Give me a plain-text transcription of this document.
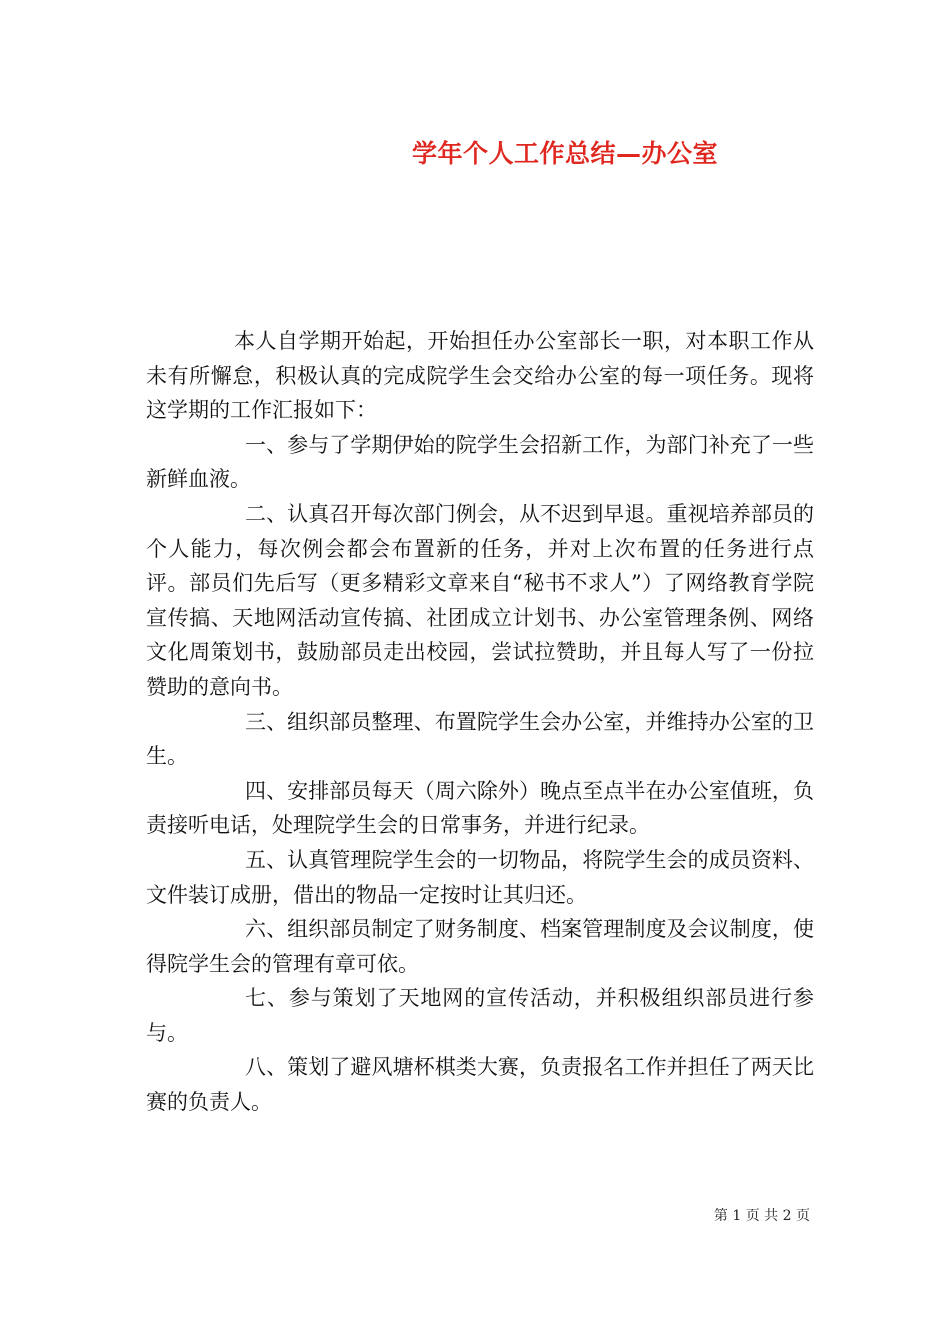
学年个人工作总结—办公室

本人自学期开始起，开始担任办公室部长一职，对本职工作从未有所懈怠，积极认真的完成院学生会交给办公室的每一项任务。现将这学期的工作汇报如下：

一、参与了学期伊始的院学生会招新工作，为部门补充了一些新鲜血液。

二、认真召开每次部门例会，从不迟到早退。重视培养部员的个人能力，每次例会都会布置新的任务，并对上次布置的任务进行点评。部员们先后写（更多精彩文章来自“秘书不求人”）了网络教育学院宣传搞、天地网活动宣传搞、社团成立计划书、办公室管理条例、网络文化周策划书，鼓励部员走出校园，尝试拉赞助，并且每人写了一份拉赞助的意向书。

三、组织部员整理、布置院学生会办公室，并维持办公室的卫生。

四、安排部员每天（周六除外）晚点至点半在办公室值班，负责接听电话，处理院学生会的日常事务，并进行纪录。

五、认真管理院学生会的一切物品，将院学生会的成员资料、文件装订成册，借出的物品一定按时让其归还。

六、组织部员制定了财务制度、档案管理制度及会议制度，使得院学生会的管理有章可依。

七、参与策划了天地网的宣传活动，并积极组织部员进行参与。

八、策划了避风塘杯棋类大赛，负责报名工作并担任了两天比赛的负责人。

第 1 页 共 2 页
